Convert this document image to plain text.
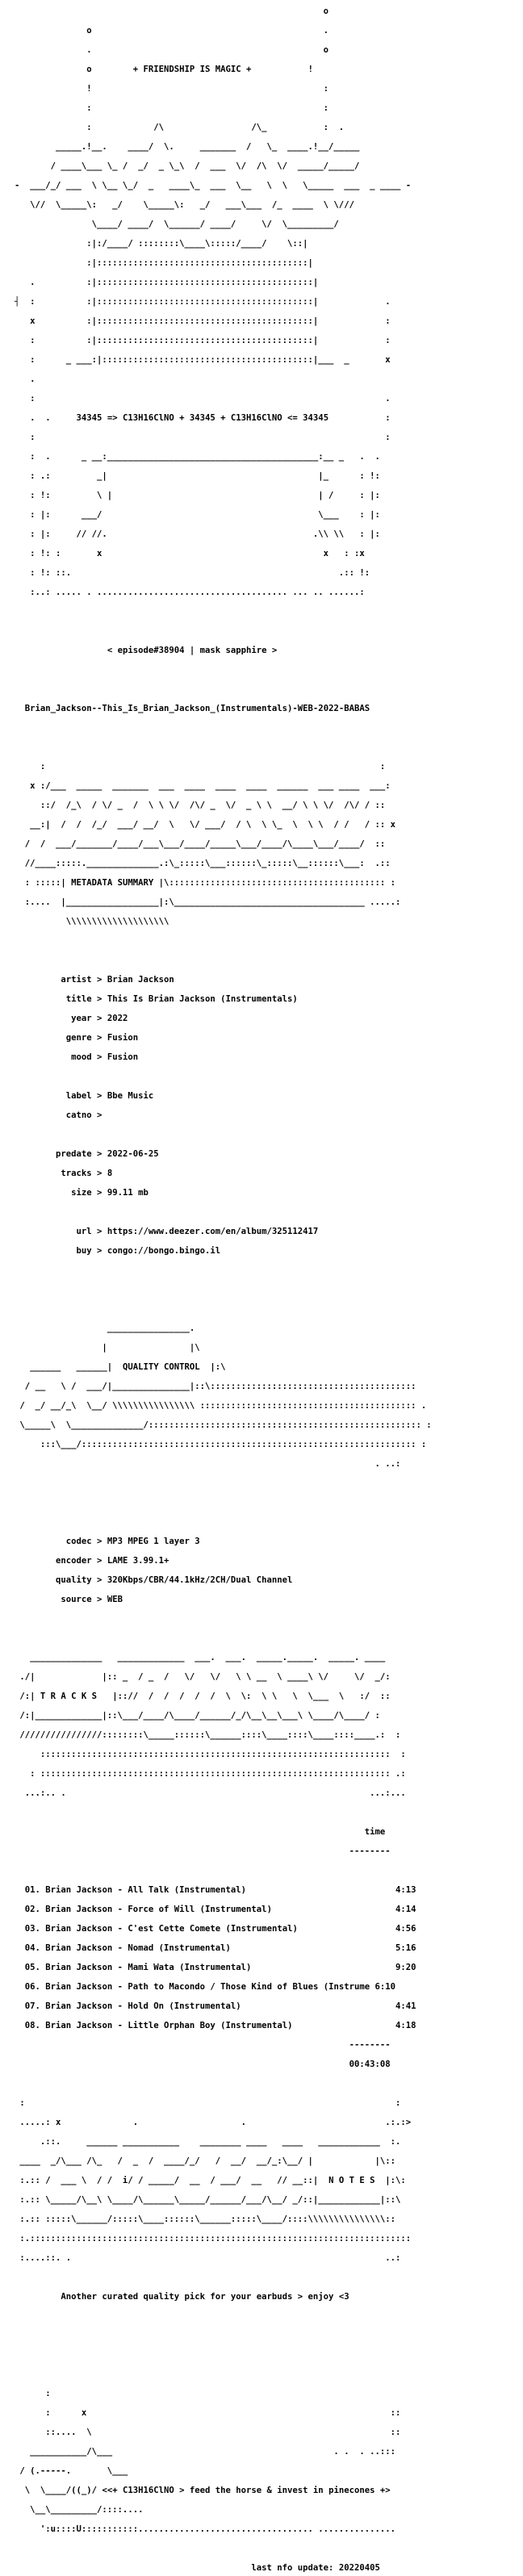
o

o                                             .

.                                             o

o        + FRIENDSHIP IS MAGIC +           !

!                                             :

:                                             :

:            /\                 /\_           :  .

_____.!__.    ____/  \.     _______  /   \_  ____.!__/_____

/ ____\___ \_ /  _/  _ \_\  /  ___  \/  /\  \/  _____/_____/

-  ___/_/ ___  \ \__ \_/  _   ____\_  ___  \__   \  \   \_____  ___  _ ____ -

\//  \_____\:   _/    \_____\:   _/   ___\___  /_  ____  \ \///

\____/ ____/  \______/ ____/     \/  \_________/

:|:/____/ ::::::::\____\:::::/____/    \::|

:|:::::::::::::::::::::::::::::::::::::::::|

.          :|::::::::::::::::::::::::::::::::::::::::::|

┤  :          :|::::::::::::::::::::::::::::::::::::::::::|             .

x          :|::::::::::::::::::::::::::::::::::::::::::|             :

:          :|::::::::::::::::::::::::::::::::::::::::::|             :

:      _ ___:|:::::::::::::::::::::::::::::::::::::::::|___  _       x

.

:                                                                    .

.  .     34345 => C13H16ClNO + 34345 + C13H16ClNO <= 34345           :

:                                                                    :

:  .      _ __:_________________________________________:__ _   .  .

: .:         _|                                         |_      : !:

: !:         \ |                                        | /     : |:

: |:      ___/                                          \___    : |:

: |:     // //.                                        .\\ \\   : |:

: !: :       x                                           x   : :x

: !: ::.                                                    .:: !:

:..: ..... . ..................................... ... .. ......:

< episode#38904 | mask sapphire >

Brian_Jackson--This_Is_Brian_Jackson_(Instrumentals)-WEB-2022-BABAS

:                                                                 :

x :/___  _____  _______  ___  ____  ____  ____  ______  ___ ____  ___:

::/  /_\  / \/ _  /  \ \ \/  /\/ _  \/  _ \ \  __/ \ \ \/  /\/ / ::

__:|  /  /  /_/  ___/ __/  \   \/ ___/  / \  \ \_  \  \ \  / /   / :: x

/  /  ___/_______/____/___\___/____/_____\___/____/\____\___/____/  ::

//____:::::.______________.:\_:::::\___::::::\_:::::\__::::::\___:  .::

: :::::| METADATA SUMMARY |\:::::::::::::::::::::::::::::::::::::::::: :

:....  |__________________|:\_____________________________________ .....:

\\\\\\\\\\\\\\\\\\\\

artist > Brian Jackson

title > This Is Brian Jackson (Instrumentals)

year > 2022

genre > Fusion

mood > Fusion

label > Bbe Music

catno >

predate > 2022-06-25

tracks > 8

size > 99.11 mb

url > https://www.deezer.com/en/album/325112417

buy > congo://bongo.bingo.il

________________.

|                |\

______   ______|  QUALITY CONTROL  |:\

/ __   \ /  ___/|_______________|::\::::::::::::::::::::::::::::::::::::::::

/  _/ __/_\  \__/ \\\\\\\\\\\\\\\\ :::::::::::::::::::::::::::::::::::::::::: .

\_____\  \______________/::::::::::::::::::::::::::::::::::::::::::::::::::::: :

:::\___/::::::::::::::::::::::::::::::::::::::::::::::::::::::::::::::::: :

. ..:

codec > MP3 MPEG 1 layer 3

encoder > LAME 3.99.1+

quality > 320Kbps/CBR/44.1kHz/2CH/Dual Channel

source > WEB

______________   _____________  ___.  ___.  _____._____.  _____. ____

./|             |:: _  / _  /   \/   \/   \ \ __  \ ____\ \/     \/  _/:

/:| T R A C K S   |:://  /  /  /  /  /  \  \:  \ \   \  \___  \   :/  ::

/:|_____________|::\___/____/\____/______/_/\__\__\___\ \____/\____/ :

////////////////::::::::\_____::::::\______::::\____::::\____::::____.:  :

::::::::::::::::::::::::::::::::::::::::::::::::::::::::::::::::::::  :

: :::::::::::::::::::::::::::::::::::::::::::::::::::::::::::::::::::: .:

...:.. .                                                           ...:...

time

--------

01. Brian Jackson - All Talk (Instrumental)	4:13

02. Brian Jackson - Force of Will (Instrumental)	4:14

03. Brian Jackson - C'est Cette Comete (Instrumental)	4:56

04. Brian Jackson - Nomad (Instrumental)	5:16

05. Brian Jackson - Mami Wata (Instrumental)	9:20

06. Brian Jackson - Path to Macondo / Those Kind of Blues (Instrume 6:10

07. Brian Jackson - Hold On (Instrumental)	4:41

08. Brian Jackson - Little Orphan Boy (Instrumental)	4:18

--------

00:43:08

:                                                                        :

.....: x              .                    .                           .:.:>

.::.     ______ ___________    ________ ____   ____   ____________  :.

____  _/\___ /\_   /  _  /  ____/_/   /  __/  __/_:\__/ |            |\::

:.:: /  ___ \  / /  i/ / _____/  __  / ___/  __   // __::|  N O T E S  |:\:

:.:: \_____/\__\ \____/\______\_____/______/___/\__/ _/::|____________|::\

:.:: :::::\______/:::::\____::::::\______:::::\____/::::\\\\\\\\\\\\\\\::

:.::::::::::::::::::::::::::::::::::::::::::::::::::::::::::::::::::::::::::

:....::. .                                                             ..:

Another curated quality pick for your earbuds > enjoy <3

:

:      x                                                           ::

::....  \                                                          ::

___________/\___                                           . .  . ..:::

/ (.-----.       \___

\  \____/((_)/ <<+ C13H16ClNO > feed the horse & invest in pinecones +>

\__\_________/::::....

':u::::U:::::::::::.................................. ...............

last nfo update: 20220405
